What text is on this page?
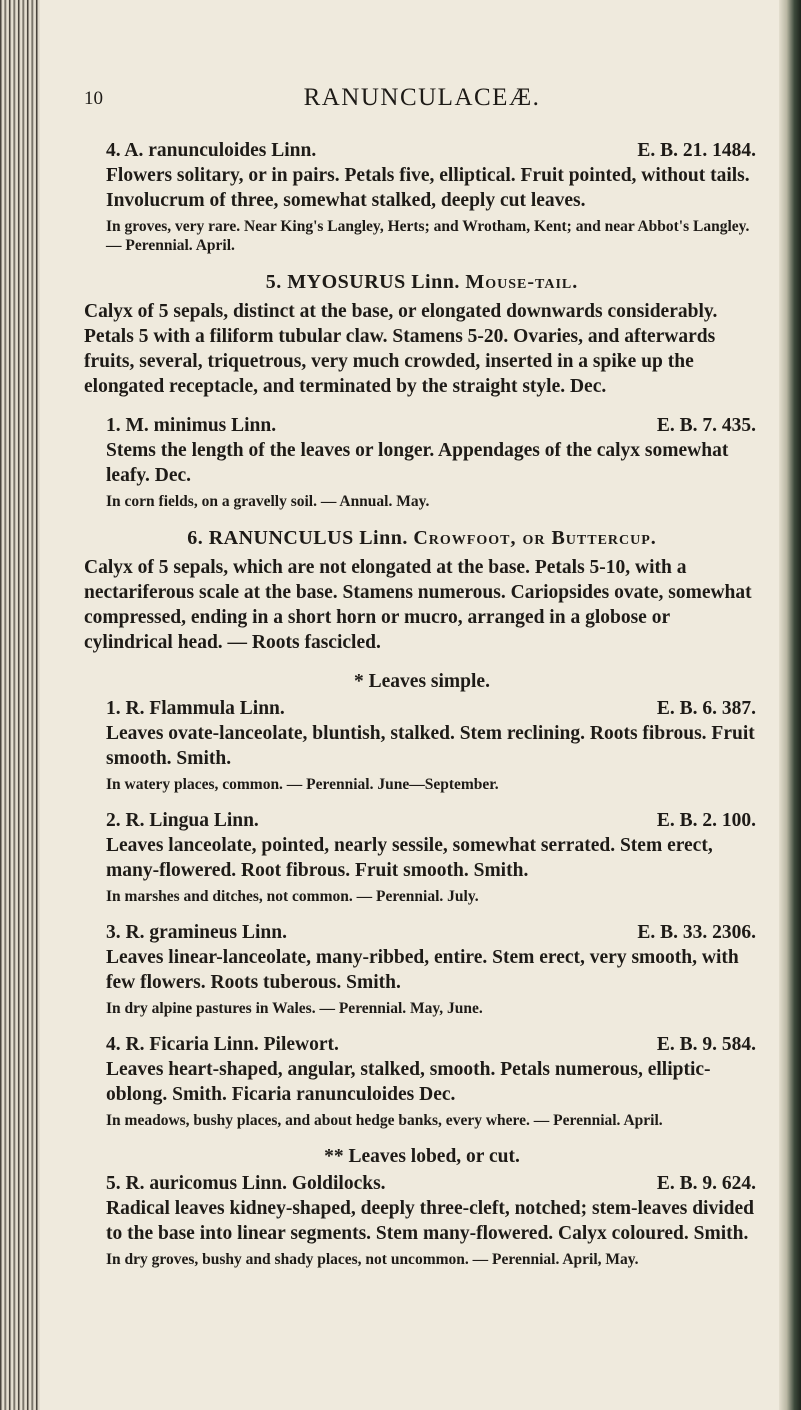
10	RANUNCULACEÆ.
4. A. ranunculoides Linn.	E. B. 21. 1484.
Flowers solitary, or in pairs. Petals five, elliptical. Fruit pointed, without tails. Involucrum of three, somewhat stalked, deeply cut leaves.
In groves, very rare. Near King's Langley, Herts; and Wrotham, Kent; and near Abbot's Langley. — Perennial. April.
5. MYOSURUS Linn. Mouse-tail.
Calyx of 5 sepals, distinct at the base, or elongated downwards considerably. Petals 5 with a filiform tubular claw. Stamens 5-20. Ovaries, and afterwards fruits, several, triquetrous, very much crowded, inserted in a spike up the elongated receptacle, and terminated by the straight style. Dec.
1. M. minimus Linn.	E. B. 7. 435.
Stems the length of the leaves or longer. Appendages of the calyx somewhat leafy. Dec.
In corn fields, on a gravelly soil. — Annual. May.
6. RANUNCULUS Linn. Crowfoot, or Buttercup.
Calyx of 5 sepals, which are not elongated at the base. Petals 5-10, with a nectariferous scale at the base. Stamens numerous. Cariopsides ovate, somewhat compressed, ending in a short horn or mucro, arranged in a globose or cylindrical head. — Roots fascicled.
* Leaves simple.
1. R. Flammula Linn.	E. B. 6. 387.
Leaves ovate-lanceolate, bluntish, stalked. Stem reclining. Roots fibrous. Fruit smooth. Smith.
In watery places, common. — Perennial. June—September.
2. R. Lingua Linn.	E. B. 2. 100.
Leaves lanceolate, pointed, nearly sessile, somewhat serrated. Stem erect, many-flowered. Root fibrous. Fruit smooth. Smith.
In marshes and ditches, not common. — Perennial. July.
3. R. gramineus Linn.	E. B. 33. 2306.
Leaves linear-lanceolate, many-ribbed, entire. Stem erect, very smooth, with few flowers. Roots tuberous. Smith.
In dry alpine pastures in Wales. — Perennial. May, June.
4. R. Ficaria Linn. Pilewort.	E. B. 9. 584.
Leaves heart-shaped, angular, stalked, smooth. Petals numerous, elliptic-oblong. Smith. Ficaria ranunculoides Dec.
In meadows, bushy places, and about hedge banks, every where. — Perennial. April.
** Leaves lobed, or cut.
5. R. auricomus Linn. Goldilocks.	E. B. 9. 624.
Radical leaves kidney-shaped, deeply three-cleft, notched; stem-leaves divided to the base into linear segments. Stem many-flowered. Calyx coloured. Smith.
In dry groves, bushy and shady places, not uncommon. — Perennial. April, May.
